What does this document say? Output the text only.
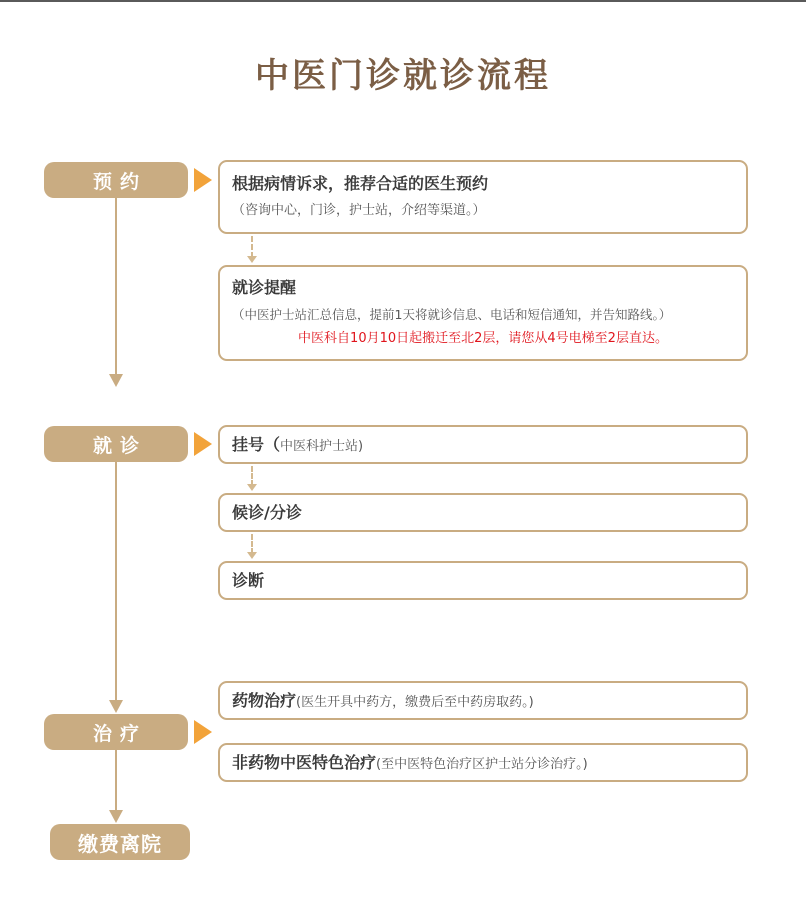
中医门诊就诊流程
预约
就诊
治疗
缴费离院
根据病情诉求，推荐合适的医生预约
（咨询中心，门诊，护士站，介绍等渠道。）
就诊提醒
（中医护士站汇总信息，提前1天将就诊信息、电话和短信通知，并告知路线。）
中医科自10月10日起搬迁至北2层，请您从4号电梯至2层直达。
挂号（ 中医科护士站)
候诊/分诊
诊断
药物治疗 (医生开具中药方，缴费后至中药房取药。)
非药物中医特色治疗 (至中医特色治疗区护士站分诊治疗。)
